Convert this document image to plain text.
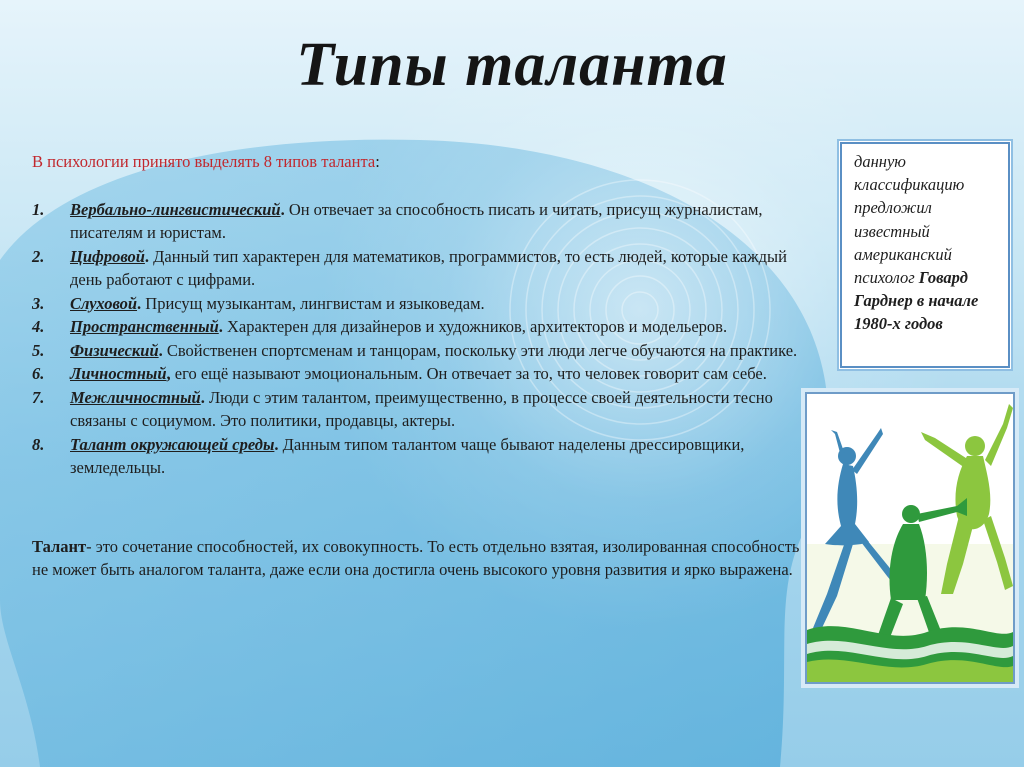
Типы таланта

В психологии принято выделять 8 типов таланта:

1. Вербально-лингвистический. Он отвечает за способность писать и читать, присущ журналистам, писателям и юристам.
2. Цифровой. Данный тип характерен для математиков, программистов, то есть людей, которые каждый день работают с цифрами.
3. Слуховой. Присущ музыкантам, лингвистам и языковедам.
4. Пространственный. Характерен для дизайнеров и художников, архитекторов и модельеров.
5. Физический. Свойственен спортсменам и танцорам, поскольку эти люди легче обучаются на практике.
6. Личностный, его ещё называют эмоциональным. Он отвечает за то, что человек говорит сам себе.
7. Межличностный. Люди с этим талантом, преимущественно, в процессе своей деятельности тесно связаны с социумом. Это политики, продавцы, актеры.
8. Талант окружающей среды. Данным типом талантом чаще бывают наделены дрессировщики, земледельцы.

Талант- это сочетание способностей, их совокупность. То есть отдельно взятая, изолированная способность не может быть аналогом таланта, даже если она достигла очень высокого уровня развития и ярко выражена.

данную классификацию предложил известный американский психолог Говард Гарднер в начале 1980-х годов
